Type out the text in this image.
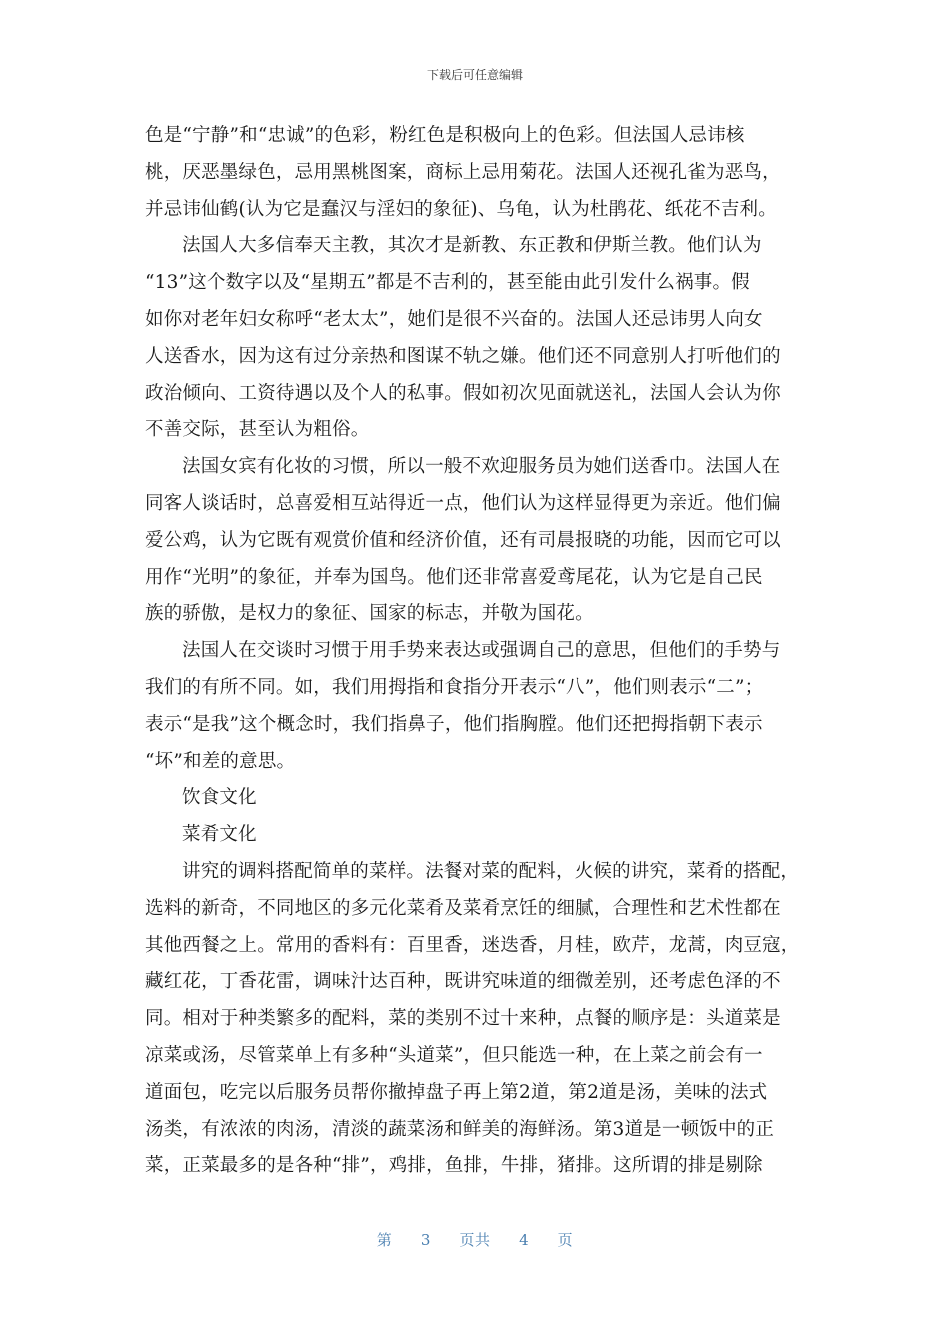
下载后可任意编辑
色是“宁静”和“忠诚”的色彩，粉红色是积极向上的色彩。但法国人忌讳核
桃，厌恶墨绿色，忌用黑桃图案，商标上忌用菊花。法国人还视孔雀为恶鸟，
并忌讳仙鹤(认为它是蠢汉与淫妇的象征)、乌龟，认为杜鹃花、纸花不吉利。
法国人大多信奉天主教，其次才是新教、东正教和伊斯兰教。他们认为
“13”这个数字以及“星期五”都是不吉利的，甚至能由此引发什么祸事。假
如你对老年妇女称呼“老太太”，她们是很不兴奋的。法国人还忌讳男人向女
人送香水，因为这有过分亲热和图谋不轨之嫌。他们还不同意别人打听他们的
政治倾向、工资待遇以及个人的私事。假如初次见面就送礼，法国人会认为你
不善交际，甚至认为粗俗。
法国女宾有化妆的习惯，所以一般不欢迎服务员为她们送香巾。法国人在
同客人谈话时，总喜爱相互站得近一点，他们认为这样显得更为亲近。他们偏
爱公鸡，认为它既有观赏价值和经济价值，还有司晨报晓的功能，因而它可以
用作“光明”的象征，并奉为国鸟。他们还非常喜爱鸢尾花，认为它是自己民
族的骄傲，是权力的象征、国家的标志，并敬为国花。
法国人在交谈时习惯于用手势来表达或强调自己的意思，但他们的手势与
我们的有所不同。如，我们用拇指和食指分开表示“八”，他们则表示“二”；
表示“是我”这个概念时，我们指鼻子，他们指胸膛。他们还把拇指朝下表示
“坏”和差的意思。
饮食文化
菜肴文化
讲究的调料搭配简单的菜样。法餐对菜的配料，火候的讲究，菜肴的搭配，
选料的新奇，不同地区的多元化菜肴及菜肴烹饪的细腻，合理性和艺术性都在
其他西餐之上。常用的香料有：百里香，迷迭香，月桂，欧芹，龙蒿，肉豆寇，
藏红花，丁香花雷，调味汁达百种，既讲究味道的细微差别，还考虑色泽的不
同。相对于种类繁多的配料，菜的类别不过十来种，点餐的顺序是：头道菜是
凉菜或汤，尽管菜单上有多种“头道菜”，但只能选一种，在上菜之前会有一
道面包，吃完以后服务员帮你撤掉盘子再上第2道，第2道是汤，美味的法式
汤类，有浓浓的肉汤，清淡的蔬菜汤和鲜美的海鲜汤。第3道是一顿饭中的正
菜，正菜最多的是各种“排”，鸡排，鱼排，牛排，猪排。这所谓的排是剔除
第 3 页共 4 页
